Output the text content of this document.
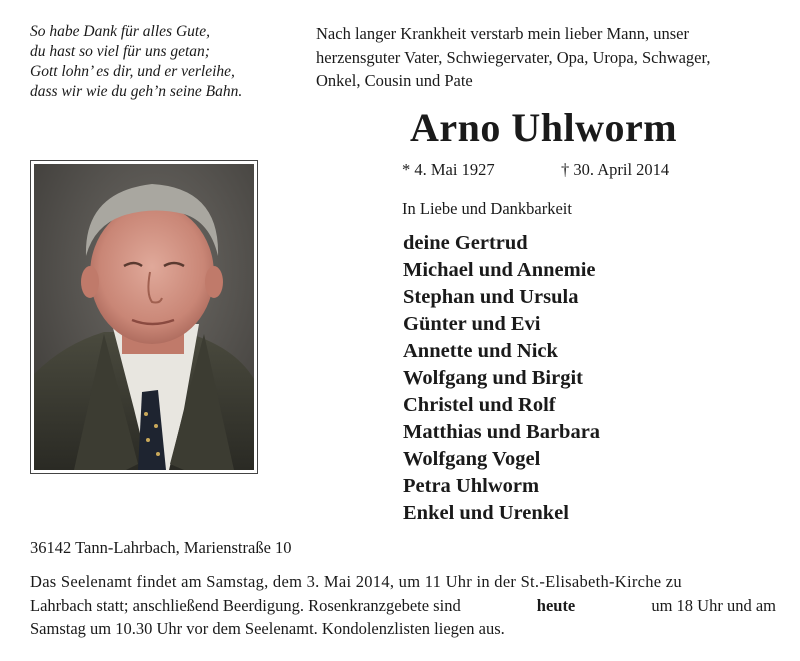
So habe Dank für alles Gute,
du hast so viel für uns getan;
Gott lohn’ es dir, und er verleihe,
dass wir wie du geh’n seine Bahn.
Nach langer Krankheit verstarb mein lieber Mann, unser
herzensguter Vater, Schwiegervater, Opa, Uropa, Schwager,
Onkel, Cousin und Pate
Arno Uhlworm
* 4. Mai 1927	† 30. April 2014
In Liebe und Dankbarkeit
deine Gertrud
Michael und Annemie
Stephan und Ursula
Günter und Evi
Annette und Nick
Wolfgang und Birgit
Christel und Rolf
Matthias und Barbara
Wolfgang Vogel
Petra Uhlworm
Enkel und Urenkel
36142 Tann-Lahrbach, Marienstraße 10
Das Seelenamt findet am Samstag, dem 3. Mai 2014, um 11 Uhr in der St.-Elisabeth-Kirche zu
Lahrbach statt; anschließend Beerdigung. Rosenkranzgebete sind	heute	um 18 Uhr und am
Samstag um 10.30 Uhr vor dem Seelenamt. Kondolenzlisten liegen aus.
